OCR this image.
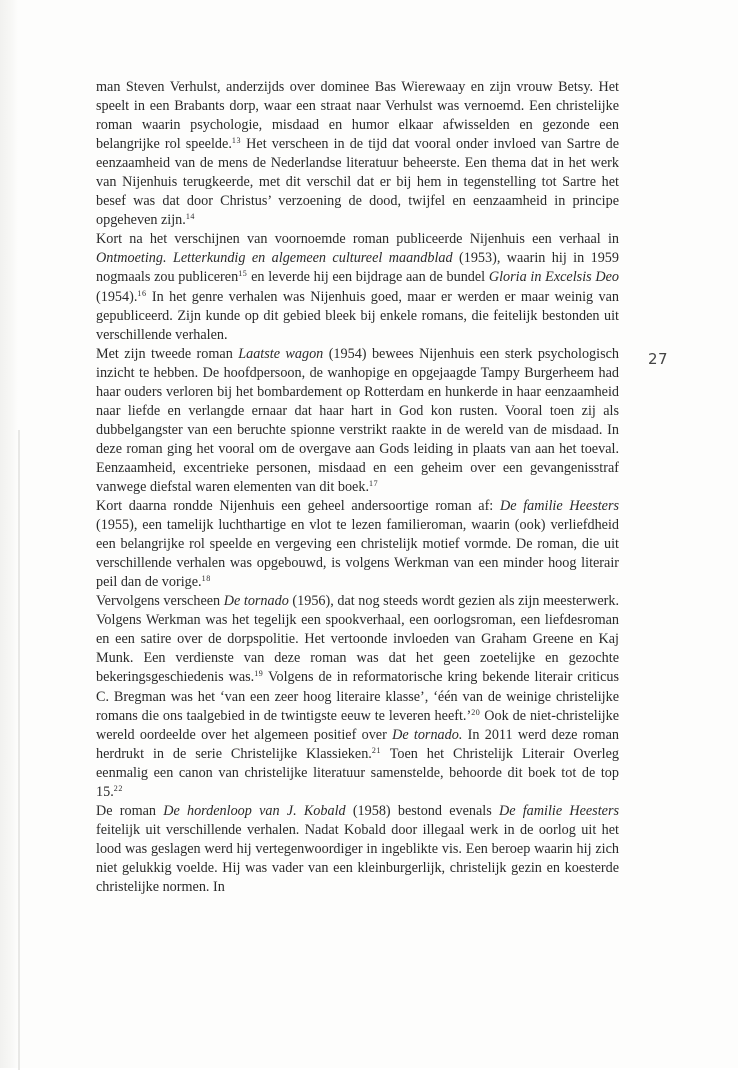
27

man Steven Verhulst, anderzijds over dominee Bas Wierewaay en zijn vrouw Betsy. Het speelt in een Brabants dorp, waar een straat naar Verhulst was vernoemd. Een christelijke roman waarin psychologie, misdaad en humor elkaar afwisselden en gezonde een belangrijke rol speelde.$^{13}$ Het verscheen in de tijd dat vooral onder invloed van Sartre de eenzaamheid van de mens de Nederlandse literatuur beheerste. Een thema dat in het werk van Nijenhuis terugkeerde, met dit verschil dat er bij hem in tegenstelling tot Sartre het besef was dat door Christus’ verzoening de dood, twijfel en eenzaamheid in principe opgeheven zijn.$^{14}$

Kort na het verschijnen van voornoemde roman publiceerde Nijenhuis een verhaal in Ontmoeting. Letterkundig en algemeen cultureel maandblad (1953), waarin hij in 1959 nogmaals zou publiceren$^{15}$ en leverde hij een bijdrage aan de bundel Gloria in Excelsis Deo (1954).$^{16}$ In het genre verhalen was Nijenhuis goed, maar er werden er maar weinig van gepubliceerd. Zijn kunde op dit gebied bleek bij enkele romans, die feitelijk bestonden uit verschillende verhalen.

Met zijn tweede roman Laatste wagon (1954) bewees Nijenhuis een sterk psychologisch inzicht te hebben. De hoofdpersoon, de wanhopige en opgejaagde Tampy Burgerheem had haar ouders verloren bij het bombardement op Rotterdam en hunkerde in haar eenzaamheid naar liefde en verlangde ernaar dat haar hart in God kon rusten. Vooral toen zij als dubbelgangster van een beruchte spionne verstrikt raakte in de wereld van de misdaad. In deze roman ging het vooral om de overgave aan Gods leiding in plaats van aan het toeval. Eenzaamheid, excentrieke personen, misdaad en een geheim over een gevangenisstraf vanwege diefstal waren elementen van dit boek.$^{17}$

Kort daarna rondde Nijenhuis een geheel andersoortige roman af: De familie Heesters (1955), een tamelijk luchthartige en vlot te lezen familieroman, waarin (ook) verliefdheid een belangrijke rol speelde en vergeving een christelijk motief vormde. De roman, die uit verschillende verhalen was opgebouwd, is volgens Werkman van een minder hoog literair peil dan de vorige.$^{18}$

Vervolgens verscheen De tornado (1956), dat nog steeds wordt gezien als zijn meesterwerk. Volgens Werkman was het tegelijk een spookverhaal, een oorlogsroman, een liefdesroman en een satire over de dorpspolitie. Het vertoonde invloeden van Graham Greene en Kaj Munk. Een verdienste van deze roman was dat het geen zoetelijke en gezochte bekeringsgeschiedenis was.$^{19}$ Volgens de in reformatorische kring bekende literair criticus C. Bregman was het ‘van een zeer hoog literaire klasse’, ‘één van de weinige christelijke romans die ons taalgebied in de twintigste eeuw te leveren heeft.’$^{20}$ Ook de niet-christelijke wereld oordeelde over het algemeen positief over De tornado. In 2011 werd deze roman herdrukt in de serie Christelijke Klassieken.$^{21}$ Toen het Christelijk Literair Overleg eenmalig een canon van christelijke literatuur samenstelde, behoorde dit boek tot de top 15.22

De roman De hordenloop van J. Kobald (1958) bestond evenals De familie Heesters feitelijk uit verschillende verhalen. Nadat Kobald door illegaal werk in de oorlog uit het lood was geslagen werd hij vertegenwoordiger in ingeblikte vis. Een beroep waarin hij zich niet gelukkig voelde. Hij was vader van een kleinburgerlijk, christelijk gezin en koesterde christelijke normen. In
